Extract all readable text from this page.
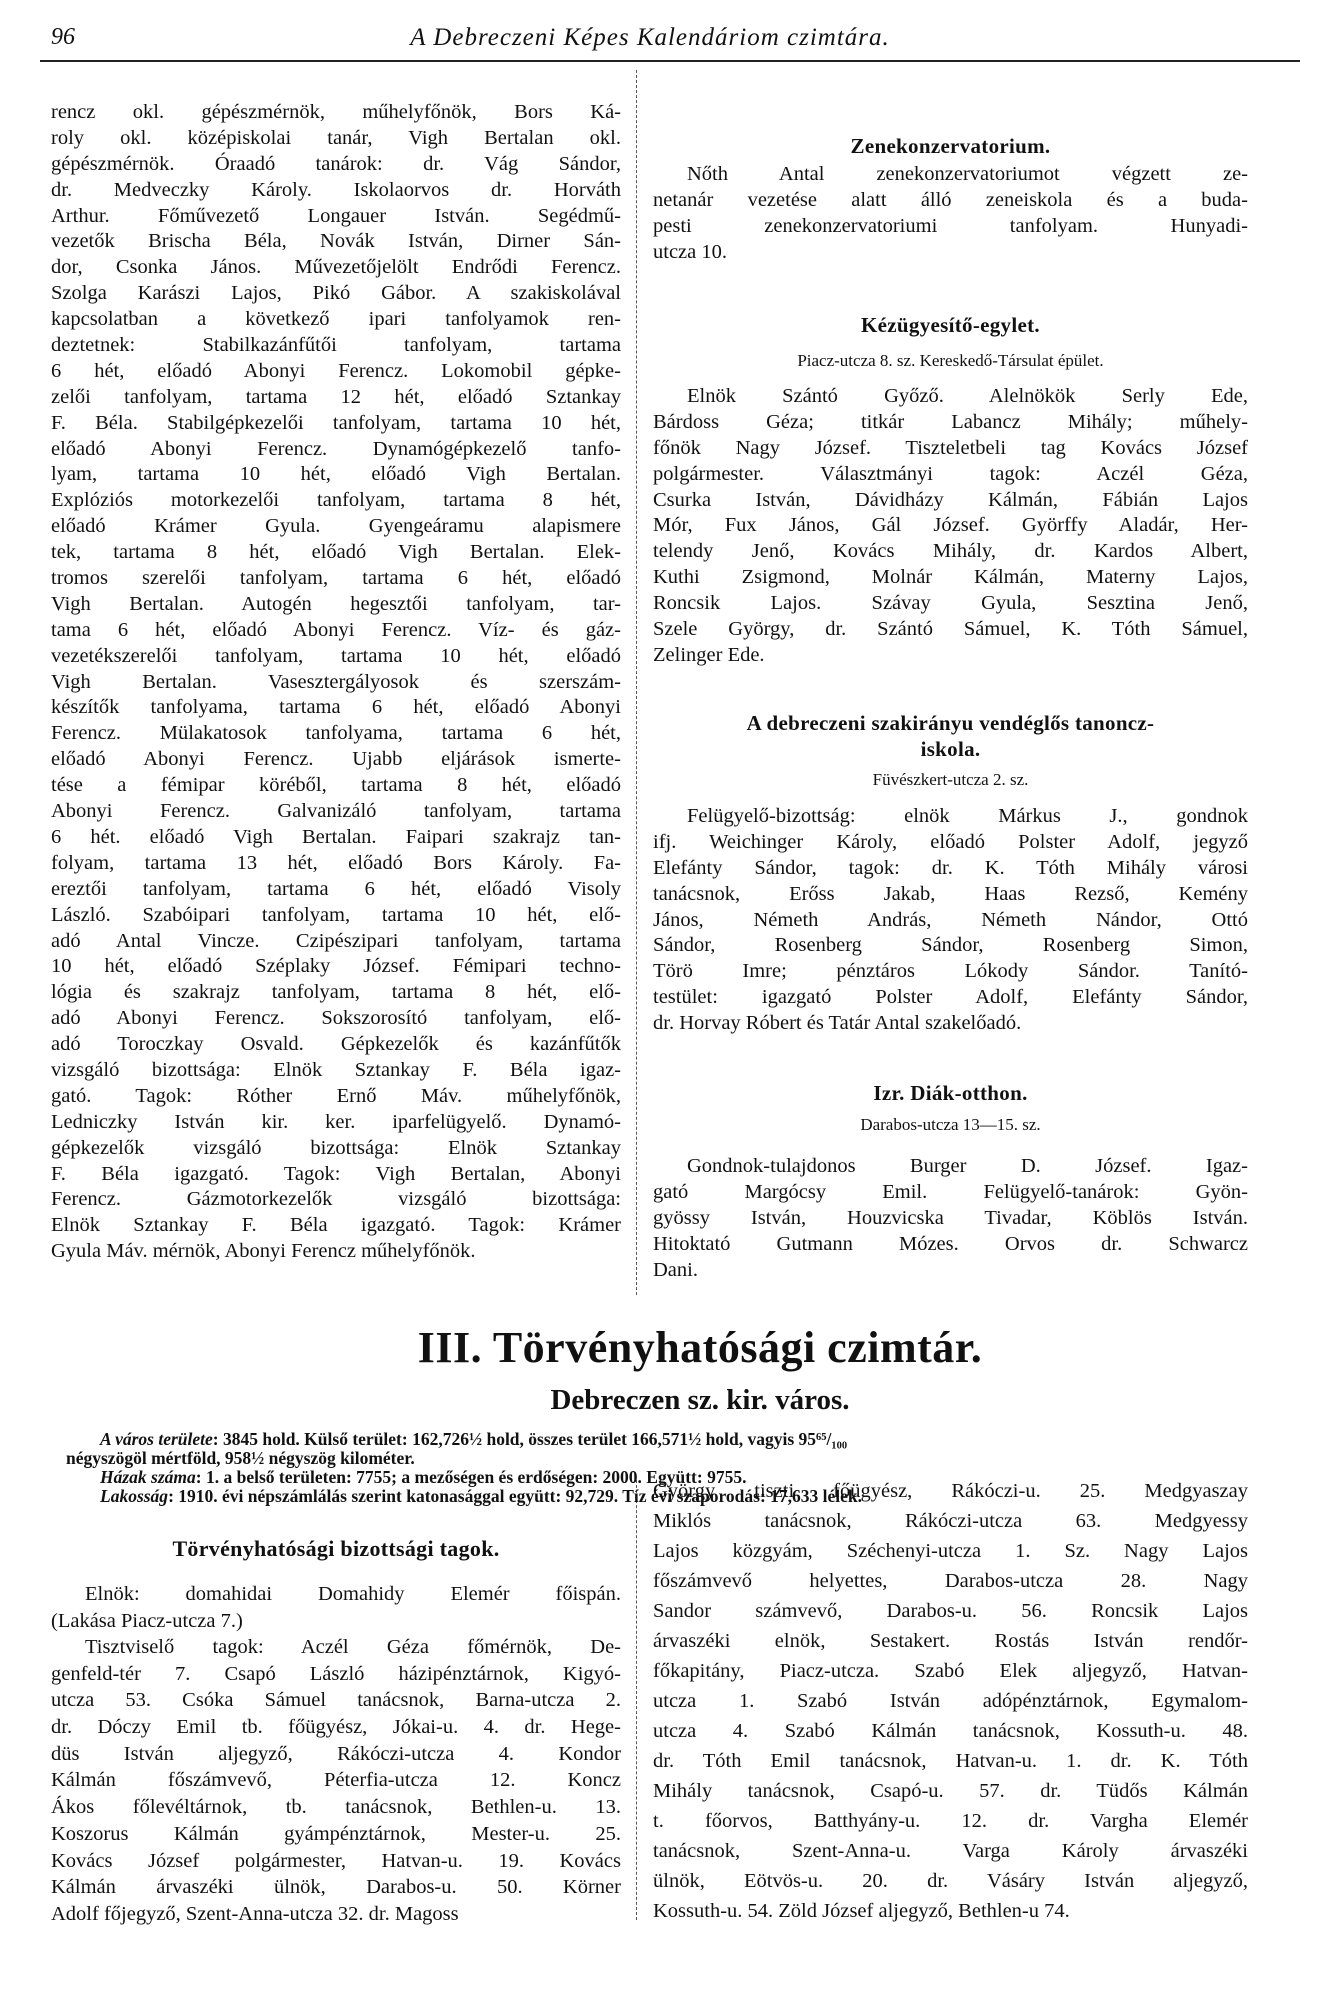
96	A Debreczeni Képes Kalendáriom czimtára.
rencz okl. gépészmérnök, műhelyfőnök, Bors Ká-
roly okl. középiskolai tanár, Vigh Bertalan okl.
gépészmérnök. Óraadó tanárok: dr. Vág Sándor,
dr. Medveczky Károly. Iskolaorvos dr. Horváth
Arthur. Főművezető Longauer István. Segédmű-
vezetők Brischa Béla, Novák István, Dirner Sán-
dor, Csonka János. Művezetőjelölt Endrődi Ferencz.
Szolga Karászi Lajos, Pikó Gábor. A szakiskolával
kapcsolatban a következő ipari tanfolyamok ren-
deztetnek: Stabilkazánfűtői tanfolyam, tartama
6 hét, előadó Abonyi Ferencz. Lokomobil gépke-
zelői tanfolyam, tartama 12 hét, előadó Sztankay
F. Béla. Stabilgépkezelői tanfolyam, tartama 10 hét,
előadó Abonyi Ferencz. Dynamógépkezelő tanfo-
lyam, tartama 10 hét, előadó Vigh Bertalan.
Explóziós motorkezelői tanfolyam, tartama 8 hét,
előadó Krámer Gyula. Gyengeáramu alapismere
tek, tartama 8 hét, előadó Vigh Bertalan. Elek-
tromos szerelői tanfolyam, tartama 6 hét, előadó
Vigh Bertalan. Autogén hegesztői tanfolyam, tar-
tama 6 hét, előadó Abonyi Ferencz. Víz- és gáz-
vezetékszerelői tanfolyam, tartama 10 hét, előadó
Vigh Bertalan. Vasesztergályosok és szerszám-
készítők tanfolyama, tartama 6 hét, előadó Abonyi
Ferencz. Mülakatosok tanfolyama, tartama 6 hét,
előadó Abonyi Ferencz. Ujabb eljárások ismerte-
tése a fémipar köréből, tartama 8 hét, előadó
Abonyi Ferencz. Galvanizáló tanfolyam, tartama
6 hét. előadó Vigh Bertalan. Faipari szakrajz tan-
folyam, tartama 13 hét, előadó Bors Károly. Fa-
ereztői tanfolyam, tartama 6 hét, előadó Visoly
László. Szabóipari tanfolyam, tartama 10 hét, elő-
adó Antal Vincze. Czipészipari tanfolyam, tartama
10 hét, előadó Széplaky József. Fémipari techno-
lógia és szakrajz tanfolyam, tartama 8 hét, elő-
adó Abonyi Ferencz. Sokszorosító tanfolyam, elő-
adó Toroczkay Osvald. Gépkezelők és kazánfűtők
vizsgáló bizottsága: Elnök Sztankay F. Béla igaz-
gató. Tagok: Róther Ernő Máv. műhelyfőnök,
Ledniczky István kir. ker. iparfelügyelő. Dynamó-
gépkezelők vizsgáló bizottsága: Elnök Sztankay
F. Béla igazgató. Tagok: Vigh Bertalan, Abonyi
Ferencz. Gázmotorkezelők vizsgáló bizottsága:
Elnök Sztankay F. Béla igazgató. Tagok: Krámer
Gyula Máv. mérnök, Abonyi Ferencz műhelyfőnök.
Zenekonzervatorium.
Nőth Antal zenekonzervatoriumot végzett ze-
netanár vezetése alatt álló zeneiskola és a buda-
pesti zenekonzervatoriumi tanfolyam. Hunyadi-
utcza 10.
Kézügyesítő-egylet.
Piacz-utcza 8. sz. Kereskedő-Társulat épület.
Elnök Szántó Győző. Alelnökök Serly Ede,
Bárdoss Géza; titkár Labancz Mihály; műhely-
főnök Nagy József. Tiszteletbeli tag Kovács József
polgármester. Választmányi tagok: Aczél Géza,
Csurka István, Dávidházy Kálmán, Fábián Lajos
Mór, Fux János, Gál József. Györffy Aladár, Her-
telendy Jenő, Kovács Mihály, dr. Kardos Albert,
Kuthi Zsigmond, Molnár Kálmán, Materny Lajos,
Roncsik Lajos. Szávay Gyula, Sesztina Jenő,
Szele György, dr. Szántó Sámuel, K. Tóth Sámuel,
Zelinger Ede.
A debreczeni szakirányu vendéglős tanoncz-
iskola.
Füvészkert-utcza 2. sz.
Felügyelő-bizottság: elnök Márkus J., gondnok
ifj. Weichinger Károly, előadó Polster Adolf, jegyző
Elefánty Sándor, tagok: dr. K. Tóth Mihály városi
tanácsnok, Erőss Jakab, Haas Rezső, Kemény
János, Németh András, Németh Nándor, Ottó
Sándor, Rosenberg Sándor, Rosenberg Simon,
Törö Imre; pénztáros Lókody Sándor. Tanító-
testület: igazgató Polster Adolf, Elefánty Sándor,
dr. Horvay Róbert és Tatár Antal szakelőadó.
Izr. Diák-otthon.
Darabos-utcza 13—15. sz.
Gondnok-tulajdonos Burger D. József. Igaz-
gató Margócsy Emil. Felügyelő-tanárok: Gyön-
gyössy István, Houzvicska Tivadar, Köblös István.
Hitoktató Gutmann Mózes. Orvos dr. Schwarcz
Dani.
III. Törvényhatósági czimtár.
Debreczen sz. kir. város.
A város területe: 3845 hold. Külső terület: 162,726½ hold, összes terület 166,571½ hold, vagyis 95⁶⁵/₁₀₀
négyszögöl mértföld, 958½ négyszög kilométer.
Házak száma: 1. a belső területen: 7755; a mezőségen és erdőségen: 2000. Együtt: 9755.
Lakosság: 1910. évi népszámlálás szerint katonasággal együtt: 92,729. Tíz évi szaporodás: 17,633 lélek.
Törvényhatósági bizottsági tagok.
Elnök: domahidai Domahidy Elemér főispán.
(Lakása Piacz-utcza 7.)
Tisztviselő tagok: Aczél Géza főmérnök, De-
genfeld-tér 7. Csapó László házipénztárnok, Kigyó-
utcza 53. Csóka Sámuel tanácsnok, Barna-utcza 2.
dr. Dóczy Emil tb. főügyész, Jókai-u. 4. dr. Hege-
düs István aljegyző, Rákóczi-utcza 4. Kondor
Kálmán főszámvevő, Péterfia-utcza 12. Koncz
Ákos főlevéltárnok, tb. tanácsnok, Bethlen-u. 13.
Koszorus Kálmán gyámpénztárnok, Mester-u. 25.
Kovács József polgármester, Hatvan-u. 19. Kovács
Kálmán árvaszéki ülnök, Darabos-u. 50. Körner
Adolf főjegyző, Szent-Anna-utcza 32. dr. Magoss
György tiszti főügyész, Rákóczi-u. 25. Medgyaszay
Miklós tanácsnok, Rákóczi-utcza 63. Medgyessy
Lajos közgyám, Széchenyi-utcza 1. Sz. Nagy Lajos
főszámvevő helyettes, Darabos-utcza 28. Nagy
Sandor számvevő, Darabos-u. 56. Roncsik Lajos
árvaszéki elnök, Sestakert. Rostás István rendőr-
főkapitány, Piacz-utcza. Szabó Elek aljegyző, Hatvan-
utcza 1. Szabó István adópénztárnok, Egymalom-
utcza 4. Szabó Kálmán tanácsnok, Kossuth-u. 48.
dr. Tóth Emil tanácsnok, Hatvan-u. 1. dr. K. Tóth
Mihály tanácsnok, Csapó-u. 57. dr. Tüdős Kálmán
t. főorvos, Batthyány-u. 12. dr. Vargha Elemér
tanácsnok, Szent-Anna-u. Varga Károly árvaszéki
ülnök, Eötvös-u. 20. dr. Vásáry István aljegyző,
Kossuth-u. 54. Zöld József aljegyző, Bethlen-u 74.
